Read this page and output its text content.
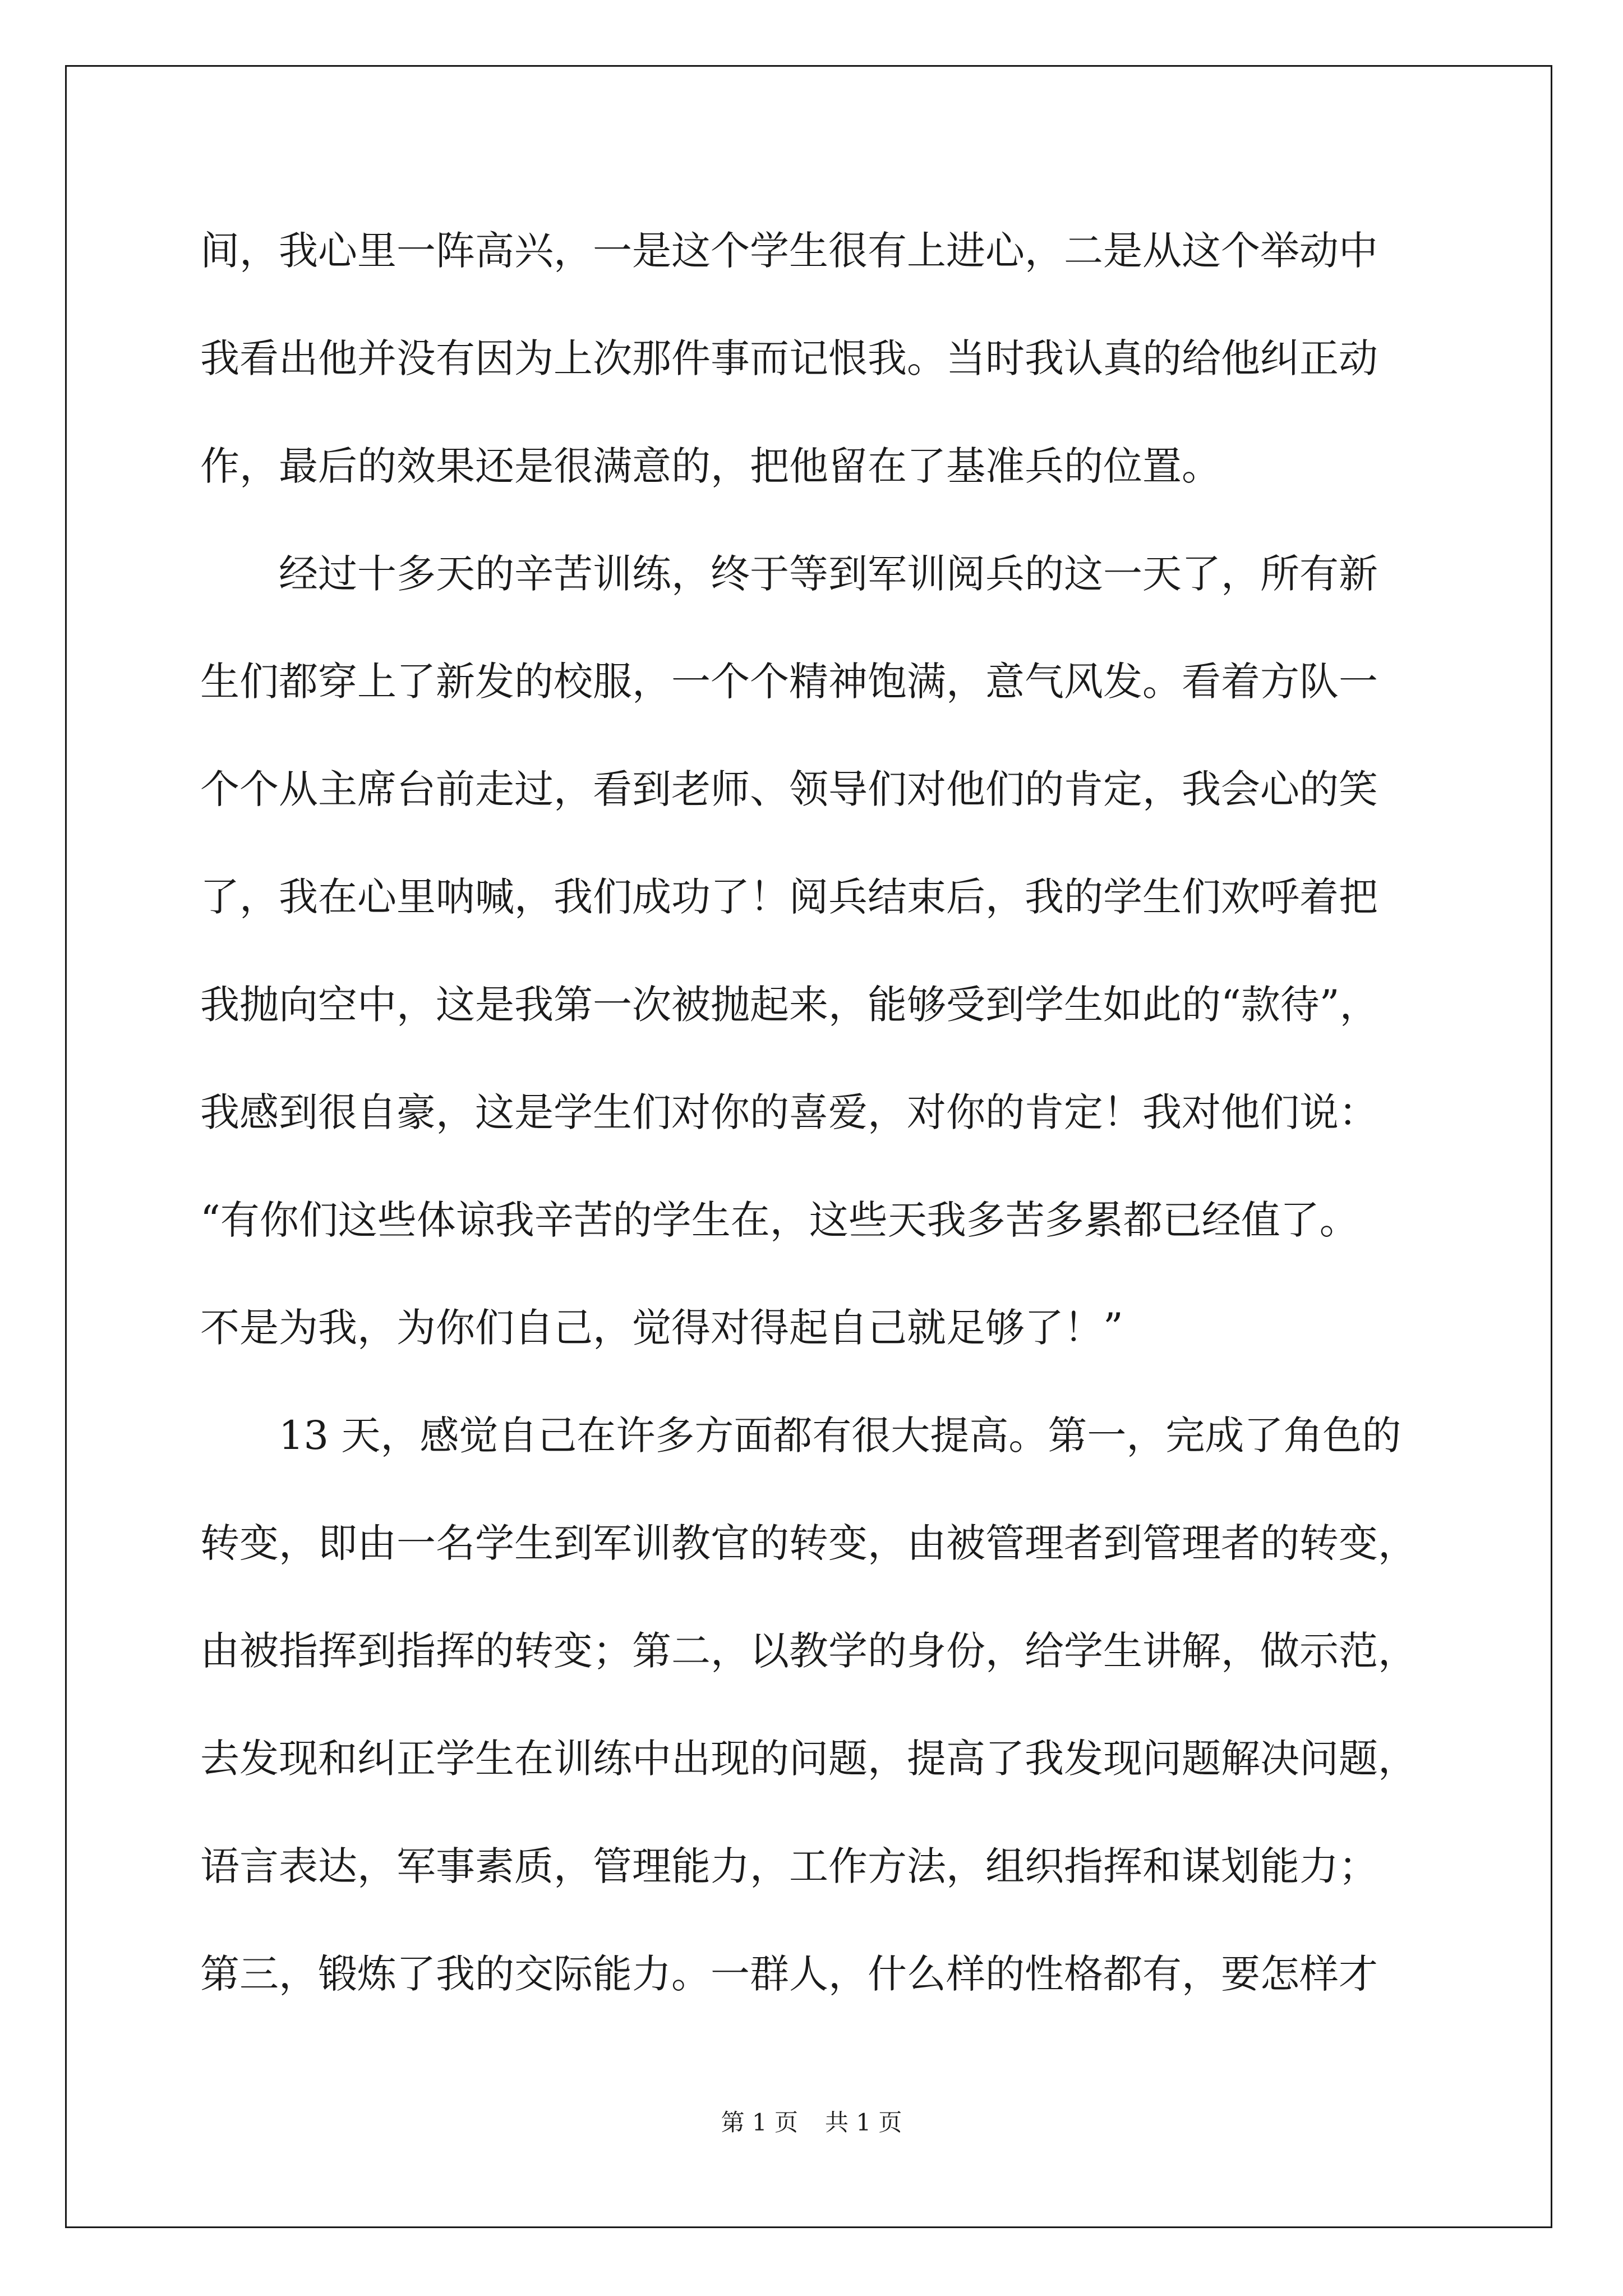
间，我心里一阵高兴，一是这个学生很有上进心，二是从这个举动中
我看出他并没有因为上次那件事而记恨我。当时我认真的给他纠正动
作，最后的效果还是很满意的，把他留在了基准兵的位置。
　　经过十多天的辛苦训练，终于等到军训阅兵的这一天了，所有新
生们都穿上了新发的校服，一个个精神饱满，意气风发。看着方队一
个个从主席台前走过，看到老师、领导们对他们的肯定，我会心的笑
了，我在心里呐喊，我们成功了！阅兵结束后，我的学生们欢呼着把
我抛向空中，这是我第一次被抛起来，能够受到学生如此的“款待”，
我感到很自豪，这是学生们对你的喜爱，对你的肯定！我对他们说：
“有你们这些体谅我辛苦的学生在，这些天我多苦多累都已经值了。
不是为我，为你们自己，觉得对得起自己就足够了！”
　　13 天，感觉自己在许多方面都有很大提高。第一，完成了角色的
转变，即由一名学生到军训教官的转变，由被管理者到管理者的转变，
由被指挥到指挥的转变；第二，以教学的身份，给学生讲解，做示范，
去发现和纠正学生在训练中出现的问题，提高了我发现问题解决问题，
语言表达，军事素质，管理能力，工作方法，组织指挥和谋划能力；
第三，锻炼了我的交际能力。一群人，什么样的性格都有，要怎样才
第 1 页 共 1 页
